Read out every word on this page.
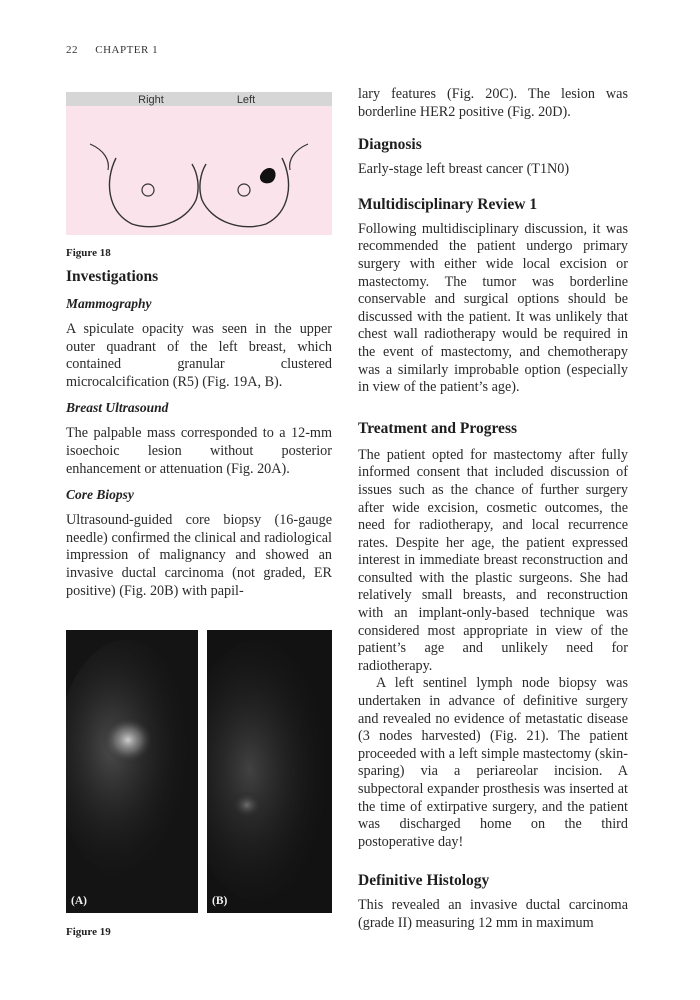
22 CHAPTER 1
Right	Left
Figure 18
Investigations
Mammography

A spiculate opacity was seen in the upper outer quadrant of the left breast, which contained granular clustered microcalcification (R5) (Fig. 19A, B).

Breast Ultrasound

The palpable mass corresponded to a 12-mm isoechoic lesion without posterior enhancement or attenuation (Fig. 20A).

Core Biopsy

Ultrasound-guided core biopsy (16-gauge needle) confirmed the clinical and radiological impression of malignancy and showed an invasive ductal carcinoma (not graded, ER positive) (Fig. 20B) with papil-

(A)	(B)
Figure 19

lary features (Fig. 20C). The lesion was borderline HER2 positive (Fig. 20D).

Diagnosis

Early-stage left breast cancer (T1N0)

Multidisciplinary Review 1

Following multidisciplinary discussion, it was recommended the patient undergo primary surgery with either wide local excision or mastectomy. The tumor was borderline conservable and surgical options should be discussed with the patient. It was unlikely that chest wall radiotherapy would be required in the event of mastectomy, and chemotherapy was a similarly improbable option (especially in view of the patient’s age).

Treatment and Progress

The patient opted for mastectomy after fully informed consent that included discussion of issues such as the chance of further surgery after wide excision, cosmetic outcomes, the need for radiotherapy, and local recurrence rates. Despite her age, the patient expressed interest in immediate breast reconstruction and consulted with the plastic surgeons. She had relatively small breasts, and reconstruction with an implant-only-based technique was considered most appropriate in view of the patient’s age and unlikely need for radiotherapy.

A left sentinel lymph node biopsy was undertaken in advance of definitive surgery and revealed no evidence of metastatic disease (3 nodes harvested) (Fig. 21). The patient proceeded with a left simple mastectomy (skin-sparing) via a periareolar incision. A subpectoral expander prosthesis was inserted at the time of extirpative surgery, and the patient was discharged home on the third postoperative day!

Definitive Histology

This revealed an invasive ductal carcinoma (grade II) measuring 12 mm in maximum
